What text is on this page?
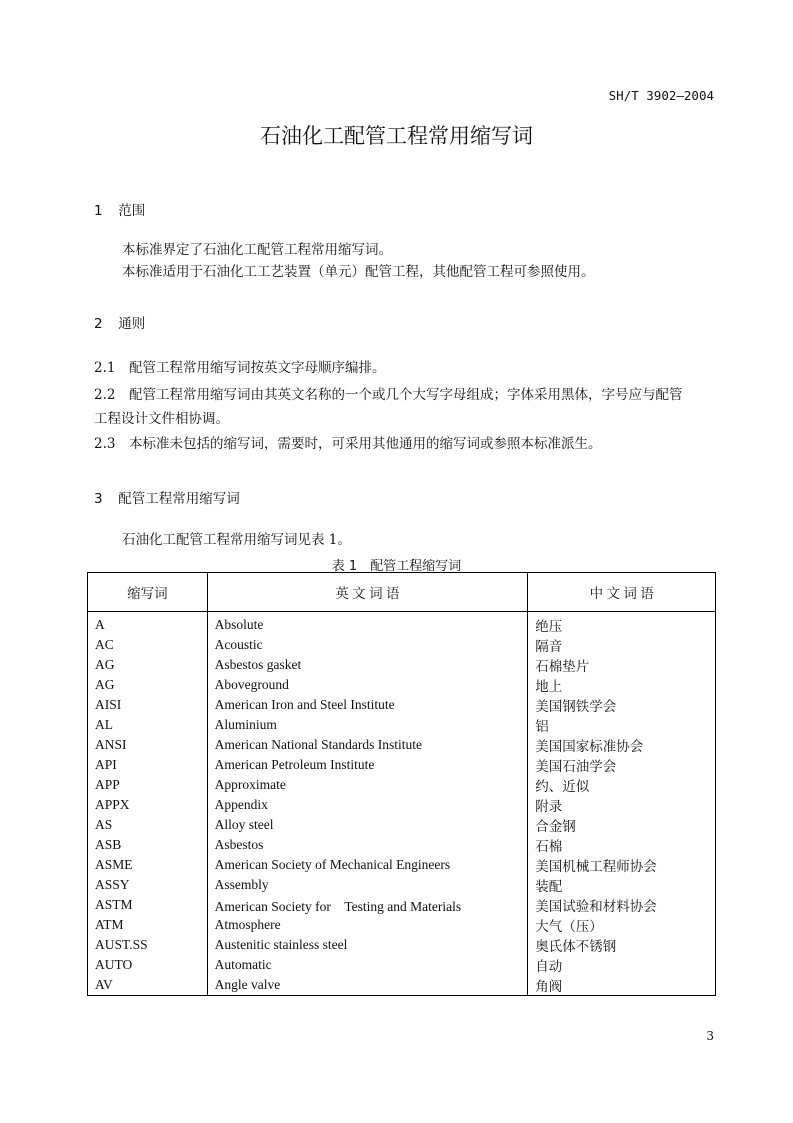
SH/T 3902—2004
石油化工配管工程常用缩写词
1 范围
本标准界定了石油化工配管工程常用缩写词。
本标准适用于石油化工工艺装置（单元）配管工程，其他配管工程可参照使用。
2 通则
2.1　配管工程常用缩写词按英文字母顺序编排。
2.2　配管工程常用缩写词由其英文名称的一个或几个大写字母组成；字体采用黑体，字号应与配管
工程设计文件相协调。
2.3　本标准未包括的缩写词，需要时，可采用其他通用的缩写词或参照本标准派生。
3 配管工程常用缩写词
石油化工配管工程常用缩写词见表 1。
表 1　配管工程缩写词
缩写词	英 文 词 语	中 文 词 语
A	Absolute	绝压
AC	Acoustic	隔音
AG	Asbestos gasket	石棉垫片
AG	Aboveground	地上
AISI	American Iron and Steel Institute	美国钢铁学会
AL	Aluminium	铝
ANSI	American National Standards Institute	美国国家标准协会
API	American Petroleum Institute	美国石油学会
APP	Approximate	约、近似
APPX	Appendix	附录
AS	Alloy steel	合金钢
ASB	Asbestos	石棉
ASME	American Society of Mechanical Engineers	美国机械工程师协会
ASSY	Assembly	装配
ASTM	American Society for　Testing and Materials	美国试验和材料协会
ATM	Atmosphere	大气（压）
AUST.SS	Austenitic stainless steel	奥氏体不锈钢
AUTO	Automatic	自动
AV	Angle valve	角阀
3
